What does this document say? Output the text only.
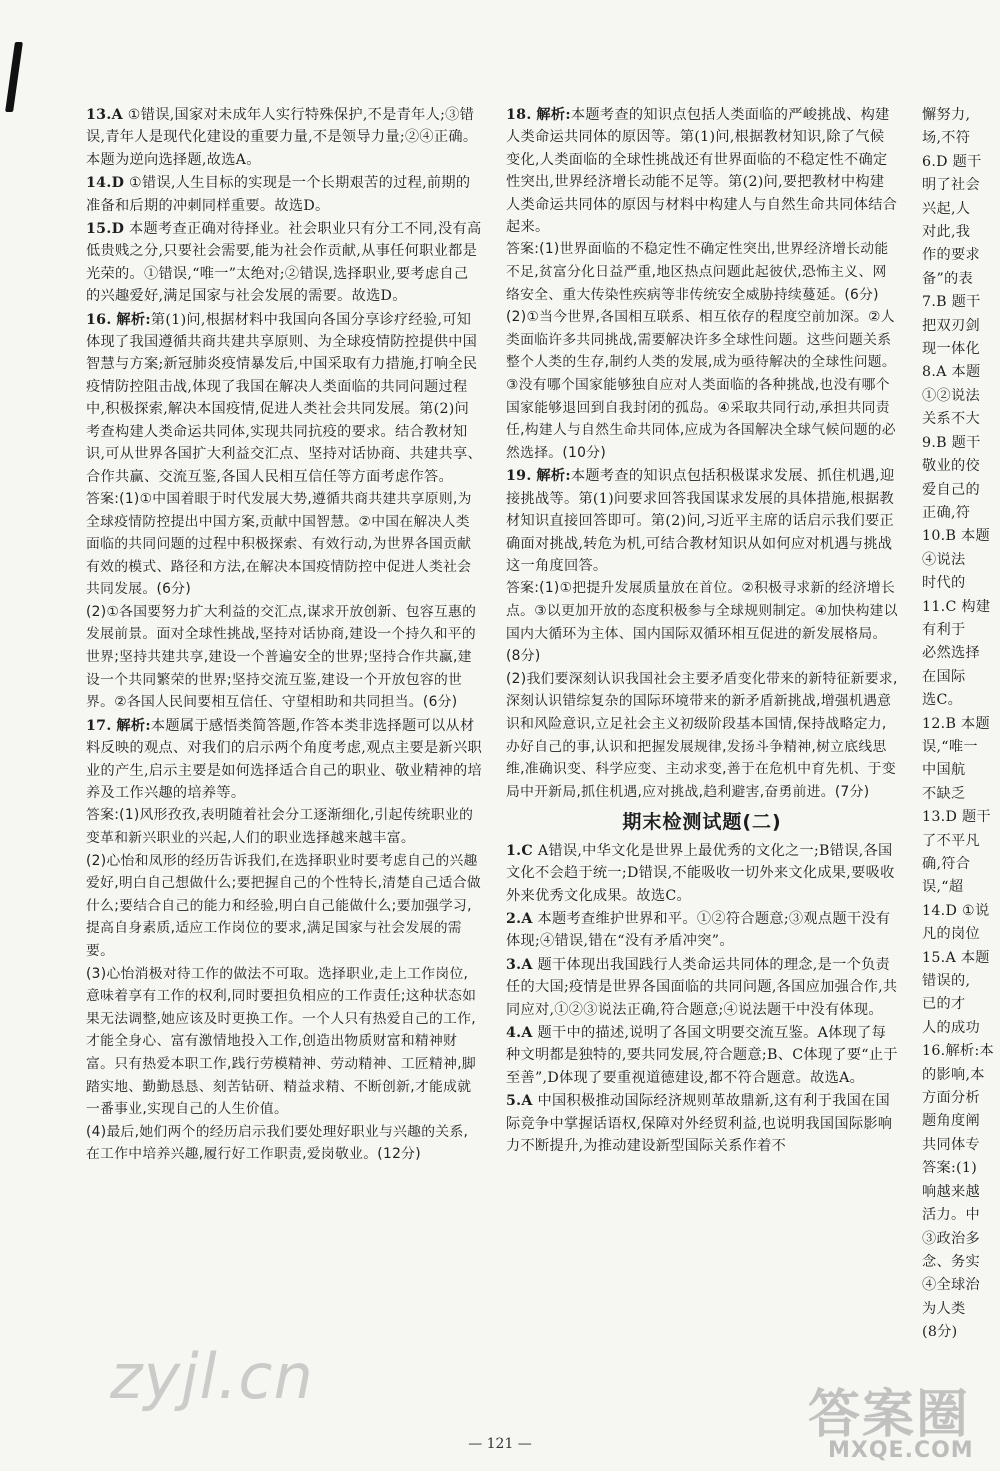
13.A ①错误,国家对未成年人实行特殊保护,不是青年人;③错误,青年人是现代化建设的重要力量,不是领导力量;②④正确。本题为逆向选择题,故选A。

14.D ①错误,人生目标的实现是一个长期艰苦的过程,前期的准备和后期的冲刺同样重要。故选D。

15.D 本题考查正确对待择业。社会职业只有分工不同,没有高低贵贱之分,只要社会需要,能为社会作贡献,从事任何职业都是光荣的。①错误,“唯一”太绝对;②错误,选择职业,要考虑自己的兴趣爱好,满足国家与社会发展的需要。故选D。

16. 解析:第(1)问,根据材料中我国向各国分享诊疗经验,可知体现了我国遵循共商共建共享原则、为全球疫情防控提供中国智慧与方案;新冠肺炎疫情暴发后,中国采取有力措施,打响全民疫情防控阻击战,体现了我国在解决人类面临的共同问题过程中,积极探索,解决本国疫情,促进人类社会共同发展。第(2)问考查构建人类命运共同体,实现共同抗疫的要求。结合教材知识,可从世界各国扩大利益交汇点、坚持对话协商、共建共享、合作共赢、交流互鉴,各国人民相互信任等方面考虑作答。

答案:(1)①中国着眼于时代发展大势,遵循共商共建共享原则,为全球疫情防控提出中国方案,贡献中国智慧。②中国在解决人类面临的共同问题的过程中积极探索、有效行动,为世界各国贡献有效的模式、路径和方法,在解决本国疫情防控中促进人类社会共同发展。(6分)

(2)①各国要努力扩大利益的交汇点,谋求开放创新、包容互惠的发展前景。面对全球性挑战,坚持对话协商,建设一个持久和平的世界;坚持共建共享,建设一个普遍安全的世界;坚持合作共赢,建设一个共同繁荣的世界;坚持交流互鉴,建设一个开放包容的世界。②各国人民间要相互信任、守望相助和共同担当。(6分)

17. 解析:本题属于感悟类简答题,作答本类非选择题可以从材料反映的观点、对我们的启示两个角度考虑,观点主要是新兴职业的产生,启示主要是如何选择适合自己的职业、敬业精神的培养及工作兴趣的培养等。

答案:(1)风形孜孜,表明随着社会分工逐渐细化,引起传统职业的变革和新兴职业的兴起,人们的职业选择越来越丰富。

(2)心怡和凤形的经历告诉我们,在选择职业时要考虑自己的兴趣爱好,明白自己想做什么;要把握自己的个性特长,清楚自己适合做什么;要结合自己的能力和经验,明白自己能做什么;要加强学习,提高自身素质,适应工作岗位的要求,满足国家与社会发展的需要。

(3)心怡消极对待工作的做法不可取。选择职业,走上工作岗位,意味着享有工作的权利,同时要担负相应的工作责任;这种状态如果无法调整,她应该及时更换工作。一个人只有热爱自己的工作,才能全身心、富有激情地投入工作,创造出物质财富和精神财富。只有热爱本职工作,践行劳模精神、劳动精神、工匠精神,脚踏实地、勤勤恳恳、刻苦钻研、精益求精、不断创新,才能成就一番事业,实现自己的人生价值。

(4)最后,她们两个的经历启示我们要处理好职业与兴趣的关系,在工作中培养兴趣,履行好工作职责,爱岗敬业。(12分)

18. 解析:本题考查的知识点包括人类面临的严峻挑战、构建人类命运共同体的原因等。第(1)问,根据教材知识,除了气候变化,人类面临的全球性挑战还有世界面临的不稳定性不确定性突出,世界经济增长动能不足等。第(2)问,要把教材中构建人类命运共同体的原因与材料中构建人与自然生命共同体结合起来。

答案:(1)世界面临的不稳定性不确定性突出,世界经济增长动能不足,贫富分化日益严重,地区热点问题此起彼伏,恐怖主义、网络安全、重大传染性疾病等非传统安全威胁持续蔓延。(6分)

(2)①当今世界,各国相互联系、相互依存的程度空前加深。②人类面临许多共同挑战,需要解决许多全球性问题。这些问题关系整个人类的生存,制约人类的发展,成为亟待解决的全球性问题。③没有哪个国家能够独自应对人类面临的各种挑战,也没有哪个国家能够退回到自我封闭的孤岛。④采取共同行动,承担共同责任,构建人与自然生命共同体,应成为各国解决全球气候问题的必然选择。(10分)

19. 解析:本题考查的知识点包括积极谋求发展、抓住机遇,迎接挑战等。第(1)问要求回答我国谋求发展的具体措施,根据教材知识直接回答即可。第(2)问,习近平主席的话启示我们要正确面对挑战,转危为机,可结合教材知识从如何应对机遇与挑战这一角度回答。

答案:(1)①把提升发展质量放在首位。②积极寻求新的经济增长点。③以更加开放的态度积极参与全球规则制定。④加快构建以国内大循环为主体、国内国际双循环相互促进的新发展格局。(8分)

(2)我们要深刻认识我国社会主要矛盾变化带来的新特征新要求,深刻认识错综复杂的国际环境带来的新矛盾新挑战,增强机遇意识和风险意识,立足社会主义初级阶段基本国情,保持战略定力,办好自己的事,认识和把握发展规律,发扬斗争精神,树立底线思维,准确识变、科学应变、主动求变,善于在危机中育先机、于变局中开新局,抓住机遇,应对挑战,趋利避害,奋勇前进。(7分)

期末检测试题(二)

1.C A错误,中华文化是世界上最优秀的文化之一;B错误,各国文化不会趋于统一;D错误,不能吸收一切外来文化成果,要吸收外来优秀文化成果。故选C。

2.A 本题考查维护世界和平。①②符合题意;③观点题干没有体现;④错误,错在“没有矛盾冲突”。

3.A 题干体现出我国践行人类命运共同体的理念,是一个负责任的大国;疫情是世界各国面临的共同问题,各国应加强合作,共同应对,①②③说法正确,符合题意;④说法题干中没有体现。

4.A 题干中的描述,说明了各国文明要交流互鉴。A体现了每种文明都是独特的,要共同发展,符合题意;B、C体现了要“止于至善”,D体现了要重视道德建设,都不符合题意。故选A。

5.A 中国积极推动国际经济规则革故鼎新,这有利于我国在国际竞争中掌握话语权,保障对外经贸利益,也说明我国国际影响力不断提升,为推动建设新型国际关系作着不

懈努力,
场,不符
6.D 题干
明了社会
兴起,人
对此,我
作的要求
备”的表
7.B 题干
把双刃剑
现一体化
8.A 本题
①②说法
关系不大
9.B 题干
敬业的佼
爱自己的
正确,符
10.B 本题
④说法
时代的
11.C 构建
有利于
必然选择
在国际
选C。
12.B 本题
误,“唯一
中国航
不缺乏
13.D 题干
了不平凡
确,符合
误,“超
14.D ①说
凡的岗位
15.A 本题
错误的,
已的才
人的成功
16.解析:本
的影响,本
方面分析
题角度阐
共同体专
答案:(1)
响越来越
活力。中
③政治多
念、务实
④全球治
为人类
(8分)
— 121 —
zyjl.cn
答案圈
MXQE.COM
